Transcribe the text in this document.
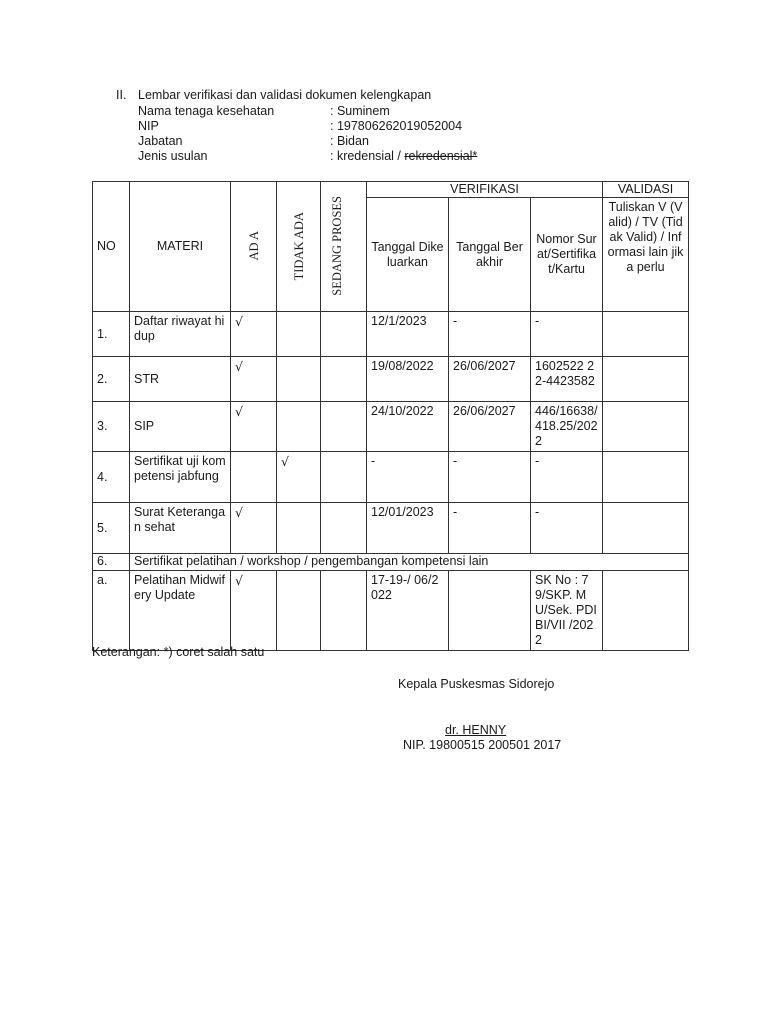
II. Lembar verifikasi dan validasi dokumen kelengkapan
Nama tenaga kesehatan	: Suminem
NIP	: 197806262019052004
Jabatan	: Bidan
Jenis usulan	: kredensial / rekredensial*
NO	MATERI	AD A	TIDAK ADA	SEDANG PROSES	VERIFIKASI			VALIDASI
					Tanggal Dikeluarkan	Tanggal Berakhir	Nomor Surat/Sertifikat/Kartu	Tuliskan V (Valid) / TV (Tidak Valid) / Informasi lain jika perlu
1.	Daftar riwayat hidup	√			12/1/2023	-	-	
2.	STR	√			19/08/2022	26/06/2027	1602522 22-4423582	
3.	SIP	√			24/10/2022	26/06/2027	446/16638/418.25/2022	
4.	Sertifikat uji kompetensi jabfung		√		-	-	-	
5.	Surat Keterangan sehat	√			12/01/2023	-	-	
6.	Sertifikat pelatihan / workshop / pengembangan kompetensi lain							
a.	Pelatihan Midwifery Update	√			17-19-/ 06/2022		SK No : 79/SKP. MU/Sek. PDIBI/VII /2022	
Keterangan: *) coret salah satu
Kepala Puskesmas Sidorejo
dr. HENNY
NIP. 19800515 200501 2017
